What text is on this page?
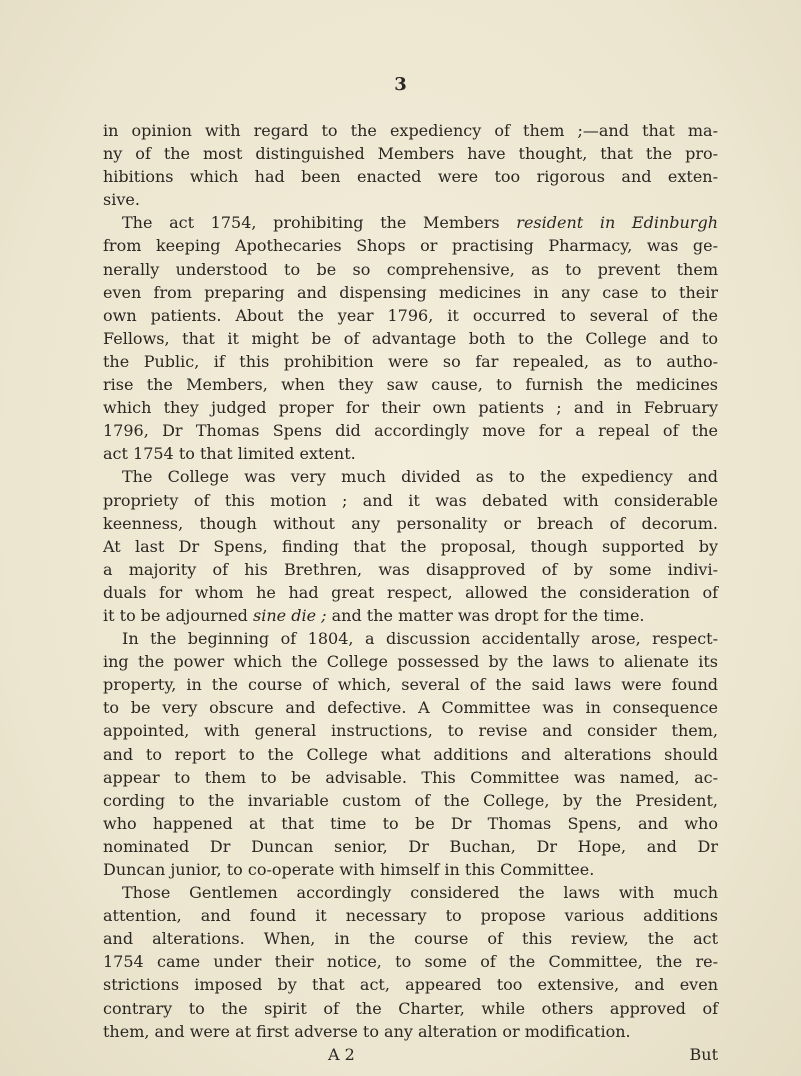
3
in opinion with regard to the expediency of them ;—and that ma-
ny of the most distinguished Members have thought, that the pro-
hibitions which had been enacted were too rigorous and exten-
sive.
The act 1754, prohibiting the Members resident in Edinburgh
from keeping Apothecaries Shops or practising Pharmacy, was ge-
nerally understood to be so comprehensive, as to prevent them
even from preparing and dispensing medicines in any case to their
own patients. About the year 1796, it occurred to several of the
Fellows, that it might be of advantage both to the College and to
the Public, if this prohibition were so far repealed, as to autho-
rise the Members, when they saw cause, to furnish the medicines
which they judged proper for their own patients ; and in February
1796, Dr Thomas Spens did accordingly move for a repeal of the
act 1754 to that limited extent.
The College was very much divided as to the expediency and
propriety of this motion ; and it was debated with considerable
keenness, though without any personality or breach of decorum.
At last Dr Spens, finding that the proposal, though supported by
a majority of his Brethren, was disapproved of by some indivi-
duals for whom he had great respect, allowed the consideration of
it to be adjourned sine die ; and the matter was dropt for the time.
In the beginning of 1804, a discussion accidentally arose, respect-
ing the power which the College possessed by the laws to alienate its
property, in the course of which, several of the said laws were found
to be very obscure and defective. A Committee was in consequence
appointed, with general instructions, to revise and consider them,
and to report to the College what additions and alterations should
appear to them to be advisable. This Committee was named, ac-
cording to the invariable custom of the College, by the President,
who happened at that time to be Dr Thomas Spens, and who
nominated Dr Duncan senior, Dr Buchan, Dr Hope, and Dr
Duncan junior, to co-operate with himself in this Committee.
Those Gentlemen accordingly considered the laws with much
attention, and found it necessary to propose various additions
and alterations. When, in the course of this review, the act
1754 came under their notice, to some of the Committee, the re-
strictions imposed by that act, appeared too extensive, and even
contrary to the spirit of the Charter, while others approved of
them, and were at first adverse to any alteration or modification.
A 2	But
